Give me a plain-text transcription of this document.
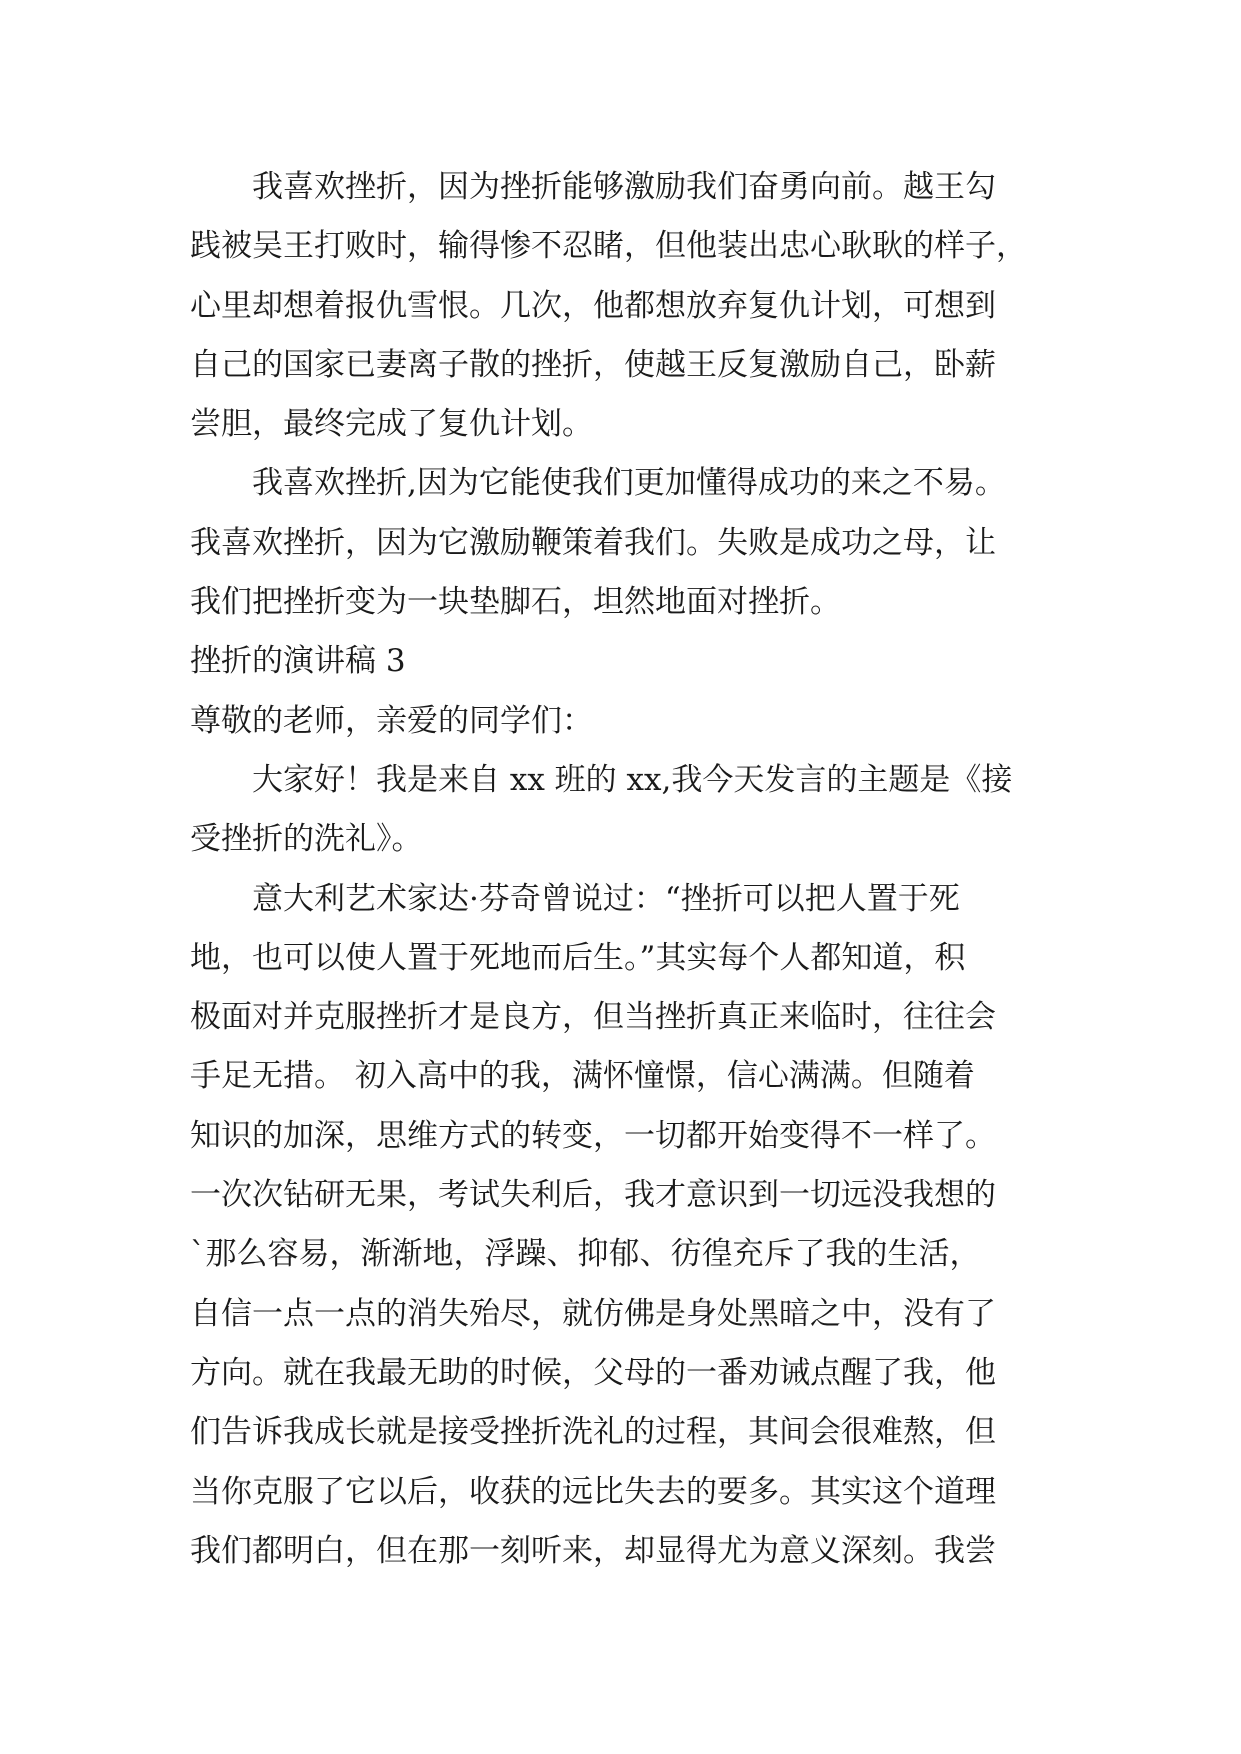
　　我喜欢挫折，因为挫折能够激励我们奋勇向前。越王勾
践被吴王打败时，输得惨不忍睹，但他装出忠心耿耿的样子，
心里却想着报仇雪恨。几次，他都想放弃复仇计划，可想到
自己的国家已妻离子散的挫折，使越王反复激励自己，卧薪
尝胆，最终完成了复仇计划。
　　我喜欢挫折,因为它能使我们更加懂得成功的来之不易。
我喜欢挫折，因为它激励鞭策着我们。失败是成功之母，让
我们把挫折变为一块垫脚石，坦然地面对挫折。
挫折的演讲稿 3
尊敬的老师，亲爱的同学们：
　　大家好！我是来自 xx 班的 xx,我今天发言的主题是《接
受挫折的洗礼》。
　　意大利艺术家达·芬奇曾说过：“挫折可以把人置于死
地，也可以使人置于死地而后生。”其实每个人都知道，积
极面对并克服挫折才是良方，但当挫折真正来临时，往往会
手足无措。 初入高中的我，满怀憧憬，信心满满。但随着
知识的加深，思维方式的转变，一切都开始变得不一样了。
一次次钻研无果，考试失利后，我才意识到一切远没我想的
`那么容易，渐渐地，浮躁、抑郁、彷徨充斥了我的生活，
自信一点一点的消失殆尽，就仿佛是身处黑暗之中，没有了
方向。就在我最无助的时候，父母的一番劝诫点醒了我，他
们告诉我成长就是接受挫折洗礼的过程，其间会很难熬，但
当你克服了它以后，收获的远比失去的要多。其实这个道理
我们都明白，但在那一刻听来，却显得尤为意义深刻。我尝
